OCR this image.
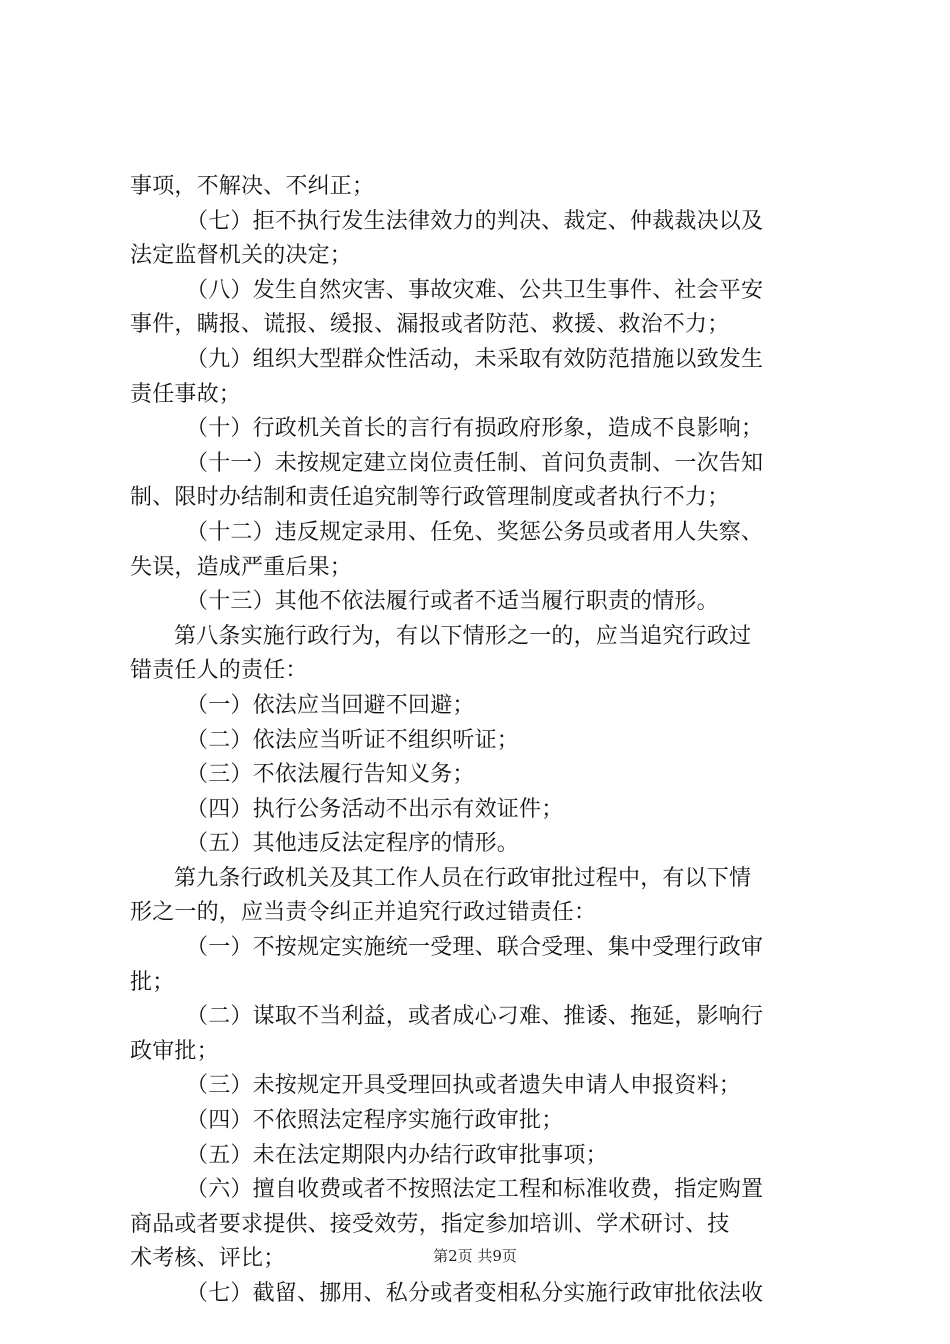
事项，不解决、不纠正；
（七）拒不执行发生法律效力的判决、裁定、仲裁裁决以及
法定监督机关的决定；
（八）发生自然灾害、事故灾难、公共卫生事件、社会平安
事件，瞒报、谎报、缓报、漏报或者防范、救援、救治不力；
（九）组织大型群众性活动，未采取有效防范措施以致发生
责任事故；
（十）行政机关首长的言行有损政府形象，造成不良影响；
（十一）未按规定建立岗位责任制、首问负责制、一次告知
制、限时办结制和责任追究制等行政管理制度或者执行不力；
（十二）违反规定录用、任免、奖惩公务员或者用人失察、
失误，造成严重后果；
（十三）其他不依法履行或者不适当履行职责的情形。
第八条实施行政行为，有以下情形之一的，应当追究行政过
错责任人的责任：
（一）依法应当回避不回避；
（二）依法应当听证不组织听证；
（三）不依法履行告知义务；
（四）执行公务活动不出示有效证件；
（五）其他违反法定程序的情形。
第九条行政机关及其工作人员在行政审批过程中，有以下情
形之一的，应当责令纠正并追究行政过错责任：
（一）不按规定实施统一受理、联合受理、集中受理行政审
批；
（二）谋取不当利益，或者成心刁难、推诿、拖延，影响行
政审批；
（三）未按规定开具受理回执或者遗失申请人申报资料；
（四）不依照法定程序实施行政审批；
（五）未在法定期限内办结行政审批事项；
（六）擅自收费或者不按照法定工程和标准收费，指定购置
商品或者要求提供、接受效劳，指定参加培训、学术研讨、技
术考核、评比；
（七）截留、挪用、私分或者变相私分实施行政审批依法收
第2页 共9页
